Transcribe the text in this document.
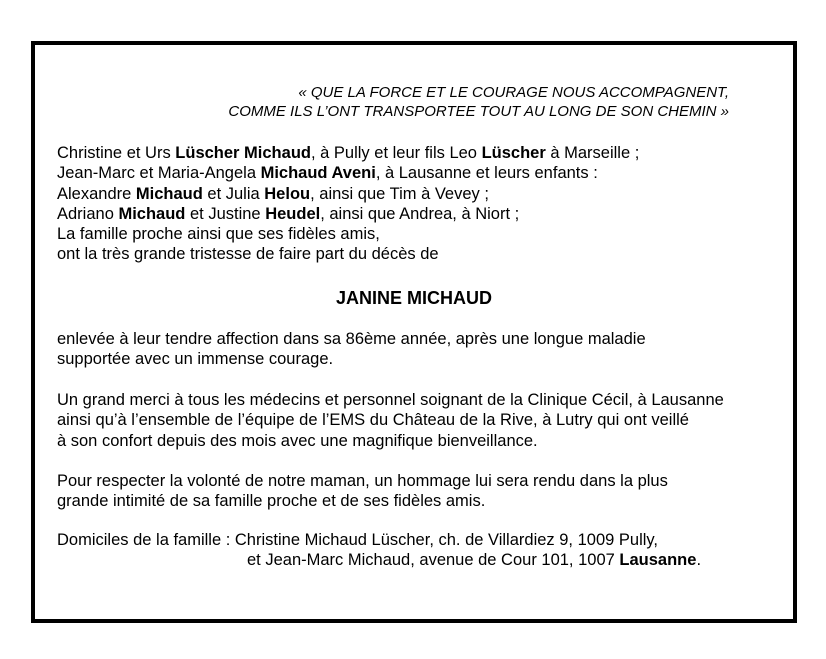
« QUE LA FORCE ET LE COURAGE NOUS ACCOMPAGNENT,
COMME ILS L’ONT TRANSPORTEE TOUT AU LONG DE SON CHEMIN »
Christine et Urs Lüscher Michaud, à Pully et leur fils Leo Lüscher à Marseille ;
Jean-Marc et Maria-Angela Michaud Aveni, à Lausanne et leurs enfants :
Alexandre Michaud et Julia Helou, ainsi que Tim à Vevey ;
Adriano Michaud et Justine Heudel, ainsi que Andrea, à Niort ;
La famille proche ainsi que ses fidèles amis,
ont la très grande tristesse de faire part du décès de
JANINE MICHAUD
enlevée à leur tendre affection dans sa 86ème année, après une longue maladie
supportée avec un immense courage.
Un grand merci à tous les médecins et personnel soignant de la Clinique Cécil, à Lausanne
ainsi qu’à l’ensemble de l’équipe de l’EMS du Château de la Rive, à Lutry qui ont veillé
à son confort depuis des mois avec une magnifique bienveillance.
Pour respecter la volonté de notre maman, un hommage lui sera rendu dans la plus
grande intimité de sa famille proche et de ses fidèles amis.
Domiciles de la famille : Christine Michaud Lüscher, ch. de Villardiez 9, 1009 Pully,
et Jean-Marc Michaud, avenue de Cour 101, 1007 Lausanne.
